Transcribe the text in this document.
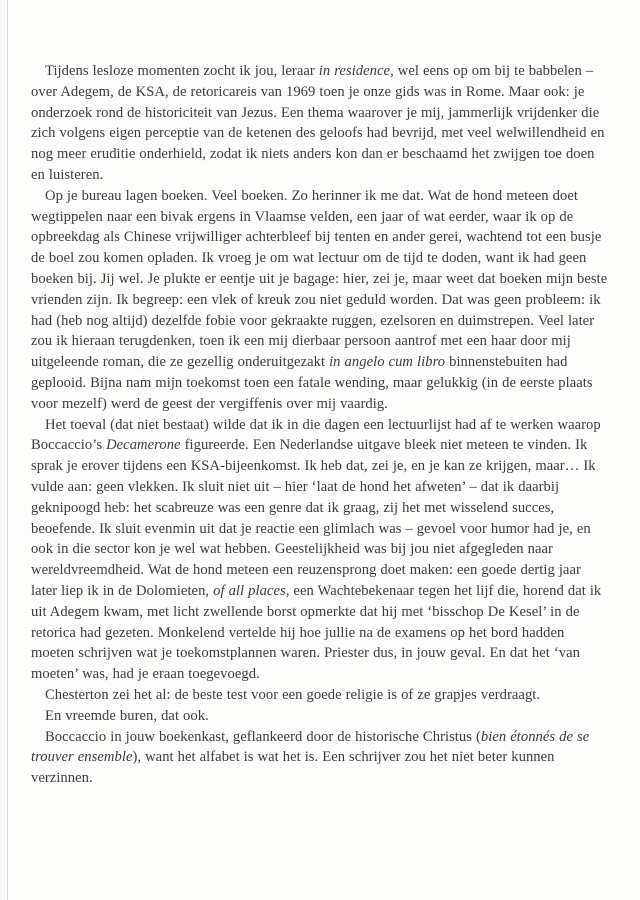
Tijdens lesloze momenten zocht ik jou, leraar in residence, wel eens op om bij te babbelen – over Adegem, de KSA, de retoricareis van 1969 toen je onze gids was in Rome. Maar ook: je onderzoek rond de historiciteit van Jezus. Een thema waarover je mij, jammerlijk vrijdenker die zich volgens eigen perceptie van de ketenen des geloofs had bevrijd, met veel welwillendheid en nog meer eruditie onderhield, zodat ik niets anders kon dan er beschaamd het zwijgen toe doen en luisteren.

Op je bureau lagen boeken. Veel boeken. Zo herinner ik me dat. Wat de hond meteen doet wegtippelen naar een bivak ergens in Vlaamse velden, een jaar of wat eerder, waar ik op de opbreekdag als Chinese vrijwilliger achterbleef bij tenten en ander gerei, wachtend tot een busje de boel zou komen opladen. Ik vroeg je om wat lectuur om de tijd te doden, want ik had geen boeken bij. Jij wel. Je plukte er eentje uit je bagage: hier, zei je, maar weet dat boeken mijn beste vrienden zijn. Ik begreep: een vlek of kreuk zou niet geduld worden. Dat was geen probleem: ik had (heb nog altijd) dezelfde fobie voor gekraakte ruggen, ezelsoren en duimstrepen. Veel later zou ik hieraan terugdenken, toen ik een mij dierbaar persoon aantrof met een haar door mij uitgeleende roman, die ze gezellig onderuitgezakt in angelo cum libro binnenstebuiten had geplooid. Bijna nam mijn toekomst toen een fatale wending, maar gelukkig (in de eerste plaats voor mezelf) werd de geest der vergiffenis over mij vaardig.

Het toeval (dat niet bestaat) wilde dat ik in die dagen een lectuurlijst had af te werken waarop Boccaccio’s Decamerone figureerde. Een Nederlandse uitgave bleek niet meteen te vinden. Ik sprak je erover tijdens een KSA-bijeenkomst. Ik heb dat, zei je, en je kan ze krijgen, maar… Ik vulde aan: geen vlekken. Ik sluit niet uit – hier ‘laat de hond het afweten’ – dat ik daarbij geknipoogd heb: het scabreuze was een genre dat ik graag, zij het met wisselend succes, beoefende. Ik sluit evenmin uit dat je reactie een glimlach was – gevoel voor humor had je, en ook in die sector kon je wel wat hebben. Geestelijkheid was bij jou niet afgegleden naar wereldvreemdheid. Wat de hond meteen een reuzensprong doet maken: een goede dertig jaar later liep ik in de Dolomieten, of all places, een Wachtebekenaar tegen het lijf die, horend dat ik uit Adegem kwam, met licht zwellende borst opmerkte dat hij met ‘bisschop De Kesel’ in de retorica had gezeten. Monkelend vertelde hij hoe jullie na de examens op het bord hadden moeten schrijven wat je toekomstplannen waren. Priester dus, in jouw geval. En dat het ‘van moeten’ was, had je eraan toegevoegd.

Chesterton zei het al: de beste test voor een goede religie is of ze grapjes verdraagt.

En vreemde buren, dat ook.

Boccaccio in jouw boekenkast, geflankeerd door de historische Christus (bien étonnés de se trouver ensemble), want het alfabet is wat het is. Een schrijver zou het niet beter kunnen verzinnen.
